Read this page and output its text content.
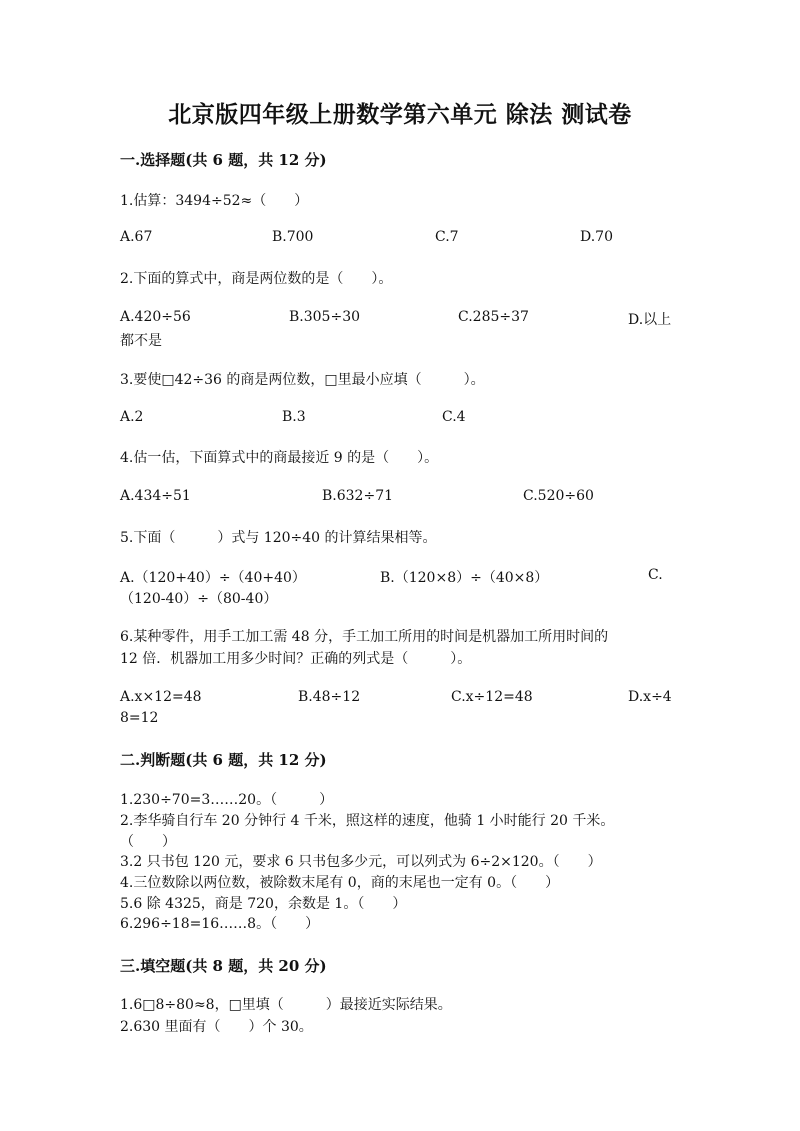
北京版四年级上册数学第六单元 除法 测试卷
一.选择题(共 6 题，共 12 分)
1.估算：3494÷52≈（　　）
A.67	B.700	C.7	D.70
2.下面的算式中，商是两位数的是（　　）。
A.420÷56	B.305÷30	C.285÷37	D.以上
都不是
3.要使□42÷36 的商是两位数，□里最小应填（　　　）。
A.2	B.3	C.4
4.估一估，下面算式中的商最接近 9 的是（　　）。
A.434÷51	B.632÷71	C.520÷60
5.下面（　　　）式与 120÷40 的计算结果相等。
A.（120+40）÷（40+40）	B.（120×8）÷（40×8）	C.
（120-40）÷（80-40）
6.某种零件，用手工加工需 48 分，手工加工所用的时间是机器加工所用时间的
12 倍．机器加工用多少时间？正确的列式是（　　　）。
A.x×12=48	B.48÷12	C.x÷12=48	D.x÷4
8=12
二.判断题(共 6 题，共 12 分)
1.230÷70=3……20。（　　　）
2.李华骑自行车 20 分钟行 4 千米，照这样的速度，他骑 1 小时能行 20 千米。
（　　）
3.2 只书包 120 元，要求 6 只书包多少元，可以列式为 6÷2×120。（　　）
4.三位数除以两位数，被除数末尾有 0，商的末尾也一定有 0。（　　）
5.6 除 4325，商是 720，余数是 1。（　　）
6.296÷18=16……8。（　　）
三.填空题(共 8 题，共 20 分)
1.6□8÷80≈8，□里填（　　　）最接近实际结果。
2.630 里面有（　　）个 30。
